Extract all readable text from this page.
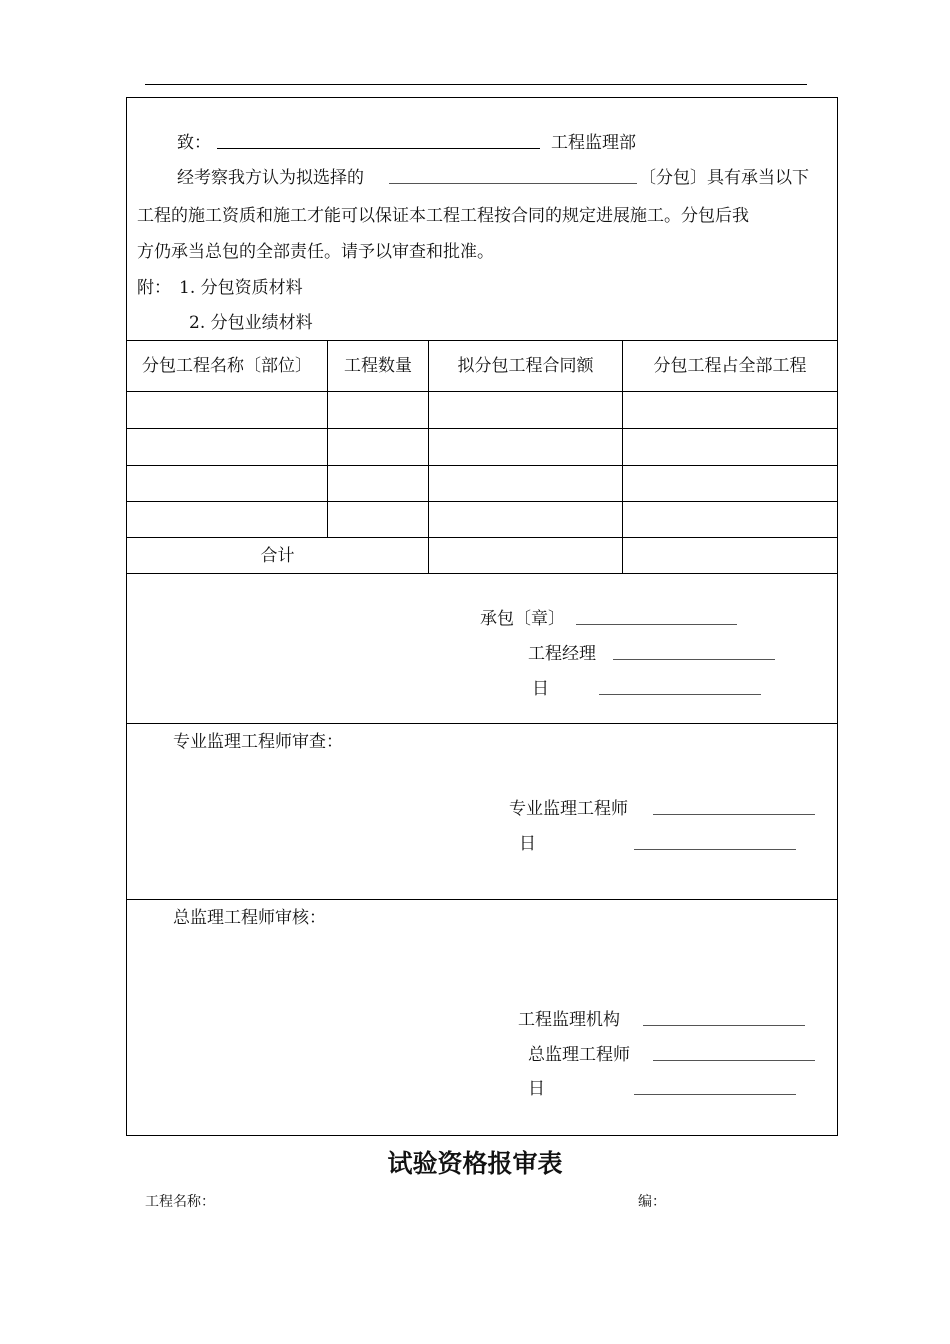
致：	工程监理部
经考察我方认为拟选择的	〔分包〕具有承当以下
工程的施工资质和施工才能可以保证本工程工程按合同的规定进展施工。分包后我
方仍承当总包的全部责任。请予以审查和批准。
附： 1. 分包资质材料
2. 分包业绩材料
分包工程名称〔部位〕	工程数量	拟分包工程合同额	分包工程占全部工程
合计
承包〔章〕
工程经理
日
专业监理工程师审查：
专业监理工程师
日
总监理工程师审核：
工程监理机构
总监理工程师
日
试验资格报审表
工程名称：	编：
